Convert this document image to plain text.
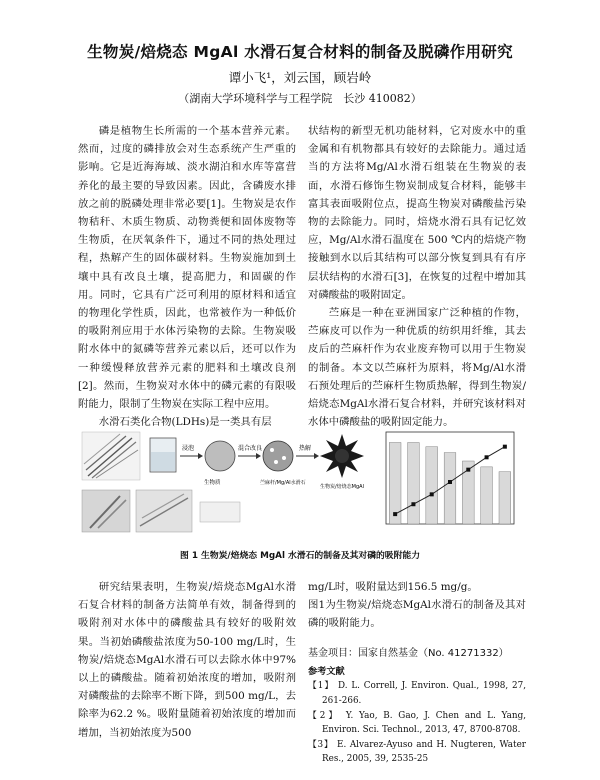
生物炭/焙烧态 MgAl 水滑石复合材料的制备及脱磷作用研究
谭小飞¹，刘云国，顾岩岭
（湖南大学环境科学与工程学院　长沙 410082）

磷是植物生长所需的一个基本营养元素。然而，过度的磷排放会对生态系统产生严重的影响。它是近海海域、淡水湖泊和水库等富营养化的最主要的导致因素。因此，含磷废水排放之前的脱磷处理非常必要[1]。生物炭是农作物秸秆、木质生物质、动物粪便和固体废物等生物质，在厌氧条件下，通过不同的热处理过程，热解产生的固体碳材料。生物炭施加到土壤中具有改良土壤，提高肥力，和固碳的作用。同时，它具有广泛可利用的原材料和适宜的物理化学性质，因此，也常被作为一种低价的吸附剂应用于水体污染物的去除。生物炭吸附水体中的氮磷等营养元素以后，还可以作为一种缓慢释放营养元素的肥料和土壤改良剂[2]。然而，生物炭对水体中的磷元素的有限吸附能力，限制了生物炭在实际工程中应用。

水滑石类化合物(LDHs)是一类具有层

状结构的新型无机功能材料，它对废水中的重金属和有机物都具有较好的去除能力。通过适当的方法将Mg/Al水滑石组装在生物炭的表面，水滑石修饰生物炭制成复合材料，能够丰富其表面吸附位点，提高生物炭对磷酸盐污染物的去除能力。同时，焙烧水滑石具有记忆效应，Mg/Al水滑石温度在 500 ℃内的焙烧产物接触到水以后其结构可以部分恢复到具有有序层状结构的水滑石[3]，在恢复的过程中增加其对磷酸盐的吸附固定。

苎麻是一种在亚洲国家广泛种植的作物，苎麻皮可以作为一种优质的纺织用纤维，其去皮后的苎麻杆作为农业废弃物可以用于生物炭的制备。本文以苎麻杆为原料，将Mg/Al水滑石预处理后的苎麻杆生物质热解，得到生物炭/焙烧态MgAl水滑石复合材料，并研究该材料对水体中磷酸盐的吸附固定能力。

浸泡
生物质
混合改良
苎麻杆/Mg/Al水滑石
热解
生物炭/焙烧态MgAl
图 1 生物炭/焙烧态 MgAl 水滑石的制备及其对磷的吸附能力

研究结果表明，生物炭/焙烧态MgAl水滑石复合材料的制备方法简单有效，制备得到的吸附剂对水体中的磷酸盐具有较好的吸附效果。当初始磷酸盐浓度为50-100 mg/L时，生物炭/焙烧态MgAl水滑石可以去除水体中97%以上的磷酸盐。随着初始浓度的增加，吸附剂对磷酸盐的去除率不断下降，到500 mg/L，去除率为62.2 %。吸附量随着初始浓度的增加而增加，当初始浓度为500

mg/L时，吸附量达到156.5 mg/g。

图1为生物炭/焙烧态MgAl水滑石的制备及其对磷的吸附能力。

基金项目：国家自然基金（No. 41271332）
参考文献
【1】 D. L. Correll, J. Environ. Qual., 1998, 27, 261-266.
【2】 Y. Yao, B. Gao, J. Chen and L. Yang, Environ. Sci. Technol., 2013, 47, 8700-8708.
【3】 E. Alvarez-Ayuso and H. Nugteren, Water Res., 2005, 39, 2535-25
